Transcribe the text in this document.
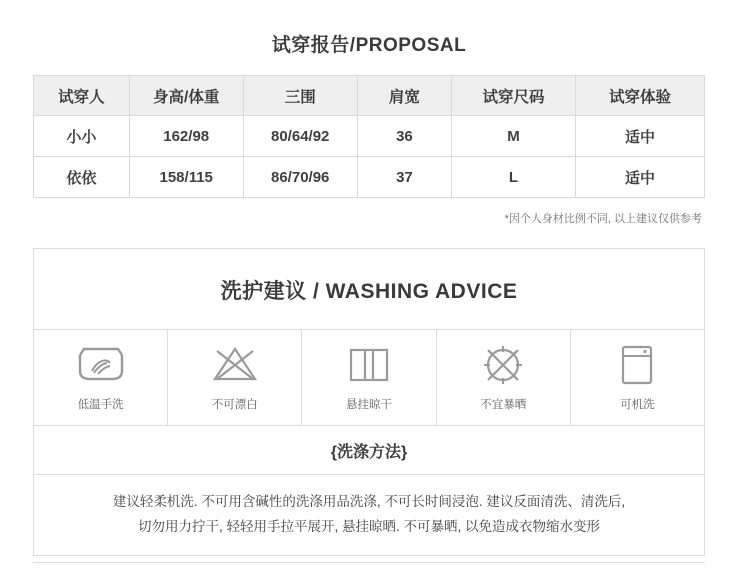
试穿报告/PROPOSAL
试穿人	身高/体重	三围	肩宽	试穿尺码	试穿体验
小小	162/98	80/64/92	36	M	适中
依依	158/115	86/70/96	37	L	适中
*因个人身材比例不同, 以上建议仅供参考
洗护建议 / WASHING ADVICE
低温手洗	不可漂白	悬挂晾干	不宜暴晒	可机洗
{洗涤方法}
建议轻柔机洗. 不可用含碱性的洗涤用品洗涤, 不可长时间浸泡. 建议反面清洗、清洗后,
切勿用力拧干, 轻轻用手拉平展开, 悬挂晾晒. 不可暴晒, 以免造成衣物缩水变形
